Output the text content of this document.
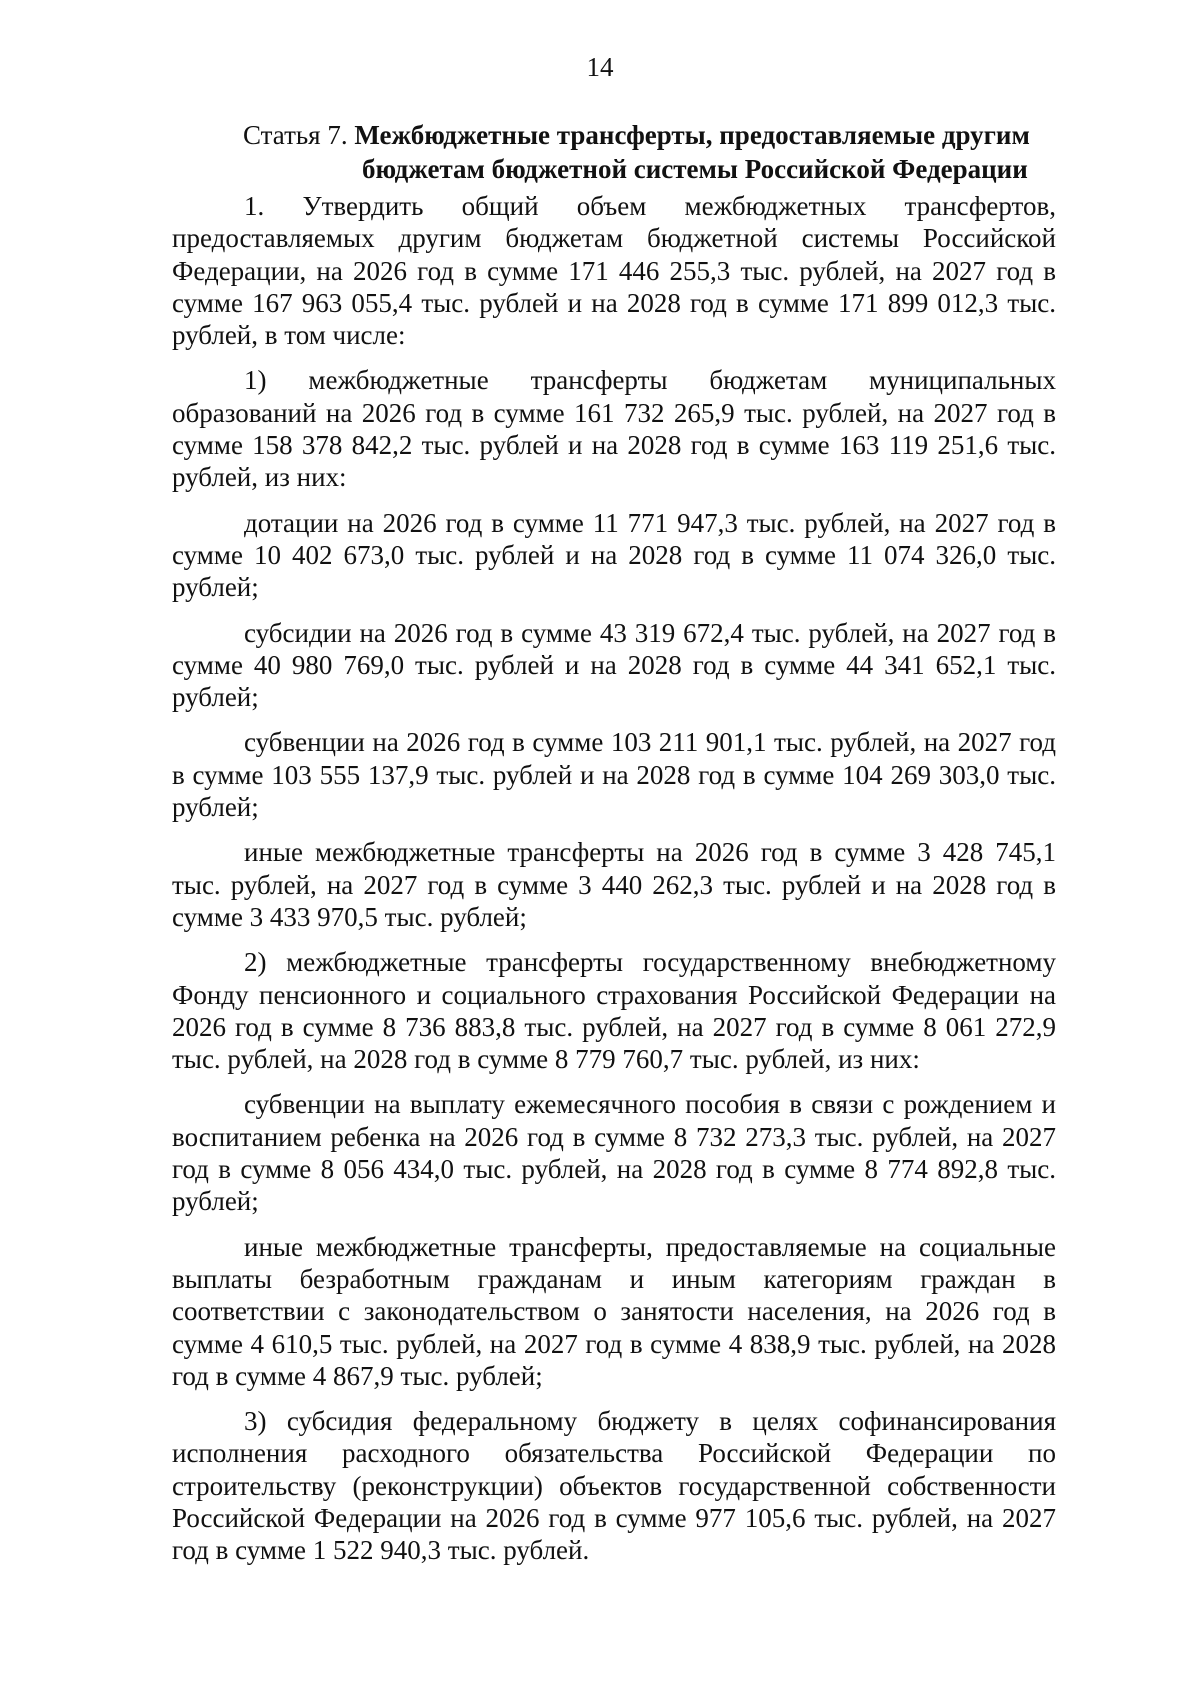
14
Статья 7. Межбюджетные трансферты, предоставляемые другим
бюджетам бюджетной системы Российской Федерации

1. Утвердить общий объем межбюджетных трансфертов, предоставляемых другим бюджетам бюджетной системы Российской Федерации, на 2026 год в сумме 171 446 255,3 тыс. рублей, на 2027 год в сумме 167 963 055,4 тыс. рублей и на 2028 год в сумме 171 899 012,3 тыс. рублей, в том числе:

1) межбюджетные трансферты бюджетам муниципальных образований на 2026 год в сумме 161 732 265,9 тыс. рублей, на 2027 год в сумме 158 378 842,2 тыс. рублей и на 2028 год в сумме 163 119 251,6 тыс. рублей, из них:

дотации на 2026 год в сумме 11 771 947,3 тыс. рублей, на 2027 год в сумме 10 402 673,0 тыс. рублей и на 2028 год в сумме 11 074 326,0 тыс. рублей;

субсидии на 2026 год в сумме 43 319 672,4 тыс. рублей, на 2027 год в сумме 40 980 769,0 тыс. рублей и на 2028 год в сумме 44 341 652,1 тыс. рублей;

субвенции на 2026 год в сумме 103 211 901,1 тыс. рублей, на 2027 год в сумме 103 555 137,9 тыс. рублей и на 2028 год в сумме 104 269 303,0 тыс. рублей;

иные межбюджетные трансферты на 2026 год в сумме 3 428 745,1 тыс. рублей, на 2027 год в сумме 3 440 262,3 тыс. рублей и на 2028 год в сумме 3 433 970,5 тыс. рублей;

2) межбюджетные трансферты государственному внебюджетному Фонду пенсионного и социального страхования Российской Федерации на 2026 год в сумме 8 736 883,8 тыс. рублей, на 2027 год в сумме 8 061 272,9 тыс. рублей, на 2028 год в сумме 8 779 760,7 тыс. рублей, из них:

субвенции на выплату ежемесячного пособия в связи с рождением и воспитанием ребенка на 2026 год в сумме 8 732 273,3 тыс. рублей, на 2027 год в сумме 8 056 434,0 тыс. рублей, на 2028 год в сумме 8 774 892,8 тыс. рублей;

иные межбюджетные трансферты, предоставляемые на социальные выплаты безработным гражданам и иным категориям граждан в соответствии с законодательством о занятости населения, на 2026 год в сумме 4 610,5 тыс. рублей, на 2027 год в сумме 4 838,9 тыс. рублей, на 2028 год в сумме 4 867,9 тыс. рублей;

3) субсидия федеральному бюджету в целях софинансирования исполнения расходного обязательства Российской Федерации по строительству (реконструкции) объектов государственной собственности Российской Федерации на 2026 год в сумме 977 105,6 тыс. рублей, на 2027 год в сумме 1 522 940,3 тыс. рублей.
